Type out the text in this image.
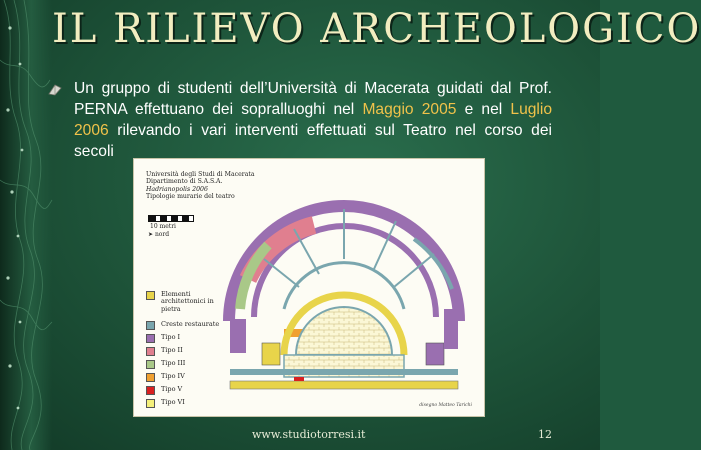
IL RILIEVO ARCHEOLOGICO
Un gruppo di studenti dell’Università di Macerata guidati dal Prof. PERNA effettuano dei sopralluoghi nel Maggio 2005 e nel Luglio 2006 rilevando i vari interventi effettuati sul Teatro nel corso dei secoli
Università degli Studi di Macerata
Dipartimento di S.A.S.A.
Hadrianopolis 2006
Tipologie murarie del teatro
10 metri
➤ nord
Elementi architettonici in pietra
Creste restaurate
Tipo I
Tipo II
Tipo III
Tipo IV
Tipo V
Tipo VI	disegno Matteo Tarichi
www.studiotorresi.it	12
